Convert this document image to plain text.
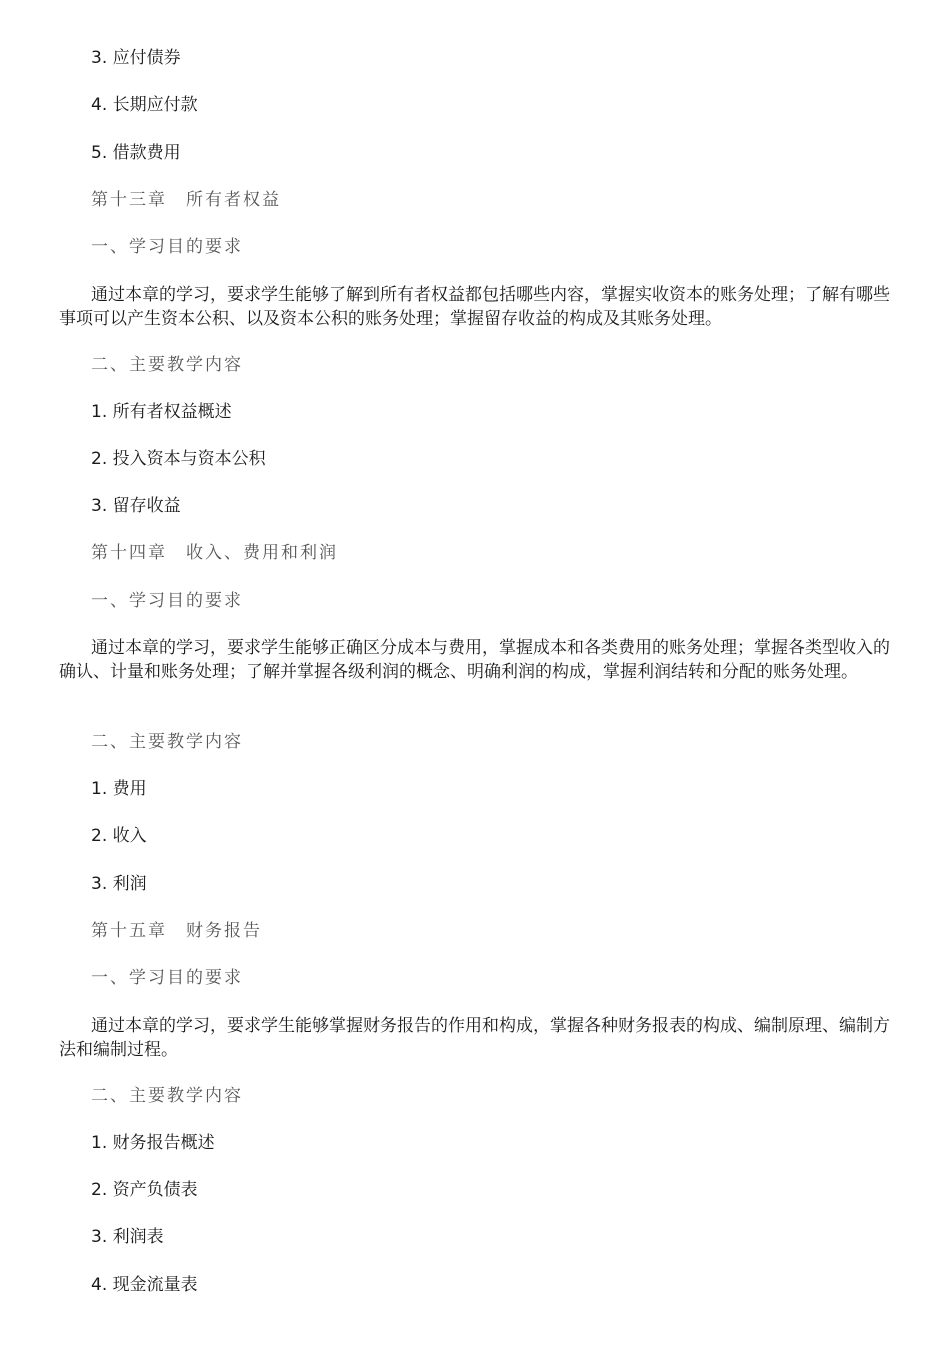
3. 应付债券
4. 长期应付款
5. 借款费用
第十三章　所有者权益
一、学习目的要求
通过本章的学习，要求学生能够了解到所有者权益都包括哪些内容，掌握实收资本的账务处理；了解有哪些事项可以产生资本公积、以及资本公积的账务处理；掌握留存收益的构成及其账务处理。
二、主要教学内容
1. 所有者权益概述
2. 投入资本与资本公积
3. 留存收益
第十四章　收入、费用和利润
一、学习目的要求
通过本章的学习，要求学生能够正确区分成本与费用，掌握成本和各类费用的账务处理；掌握各类型收入的确认、计量和账务处理；了解并掌握各级利润的概念、明确利润的构成，掌握利润结转和分配的账务处理。
二、主要教学内容
1. 费用
2. 收入
3. 利润
第十五章　财务报告
一、学习目的要求
通过本章的学习，要求学生能够掌握财务报告的作用和构成，掌握各种财务报表的构成、编制原理、编制方法和编制过程。
二、主要教学内容
1. 财务报告概述
2. 资产负债表
3. 利润表
4. 现金流量表
